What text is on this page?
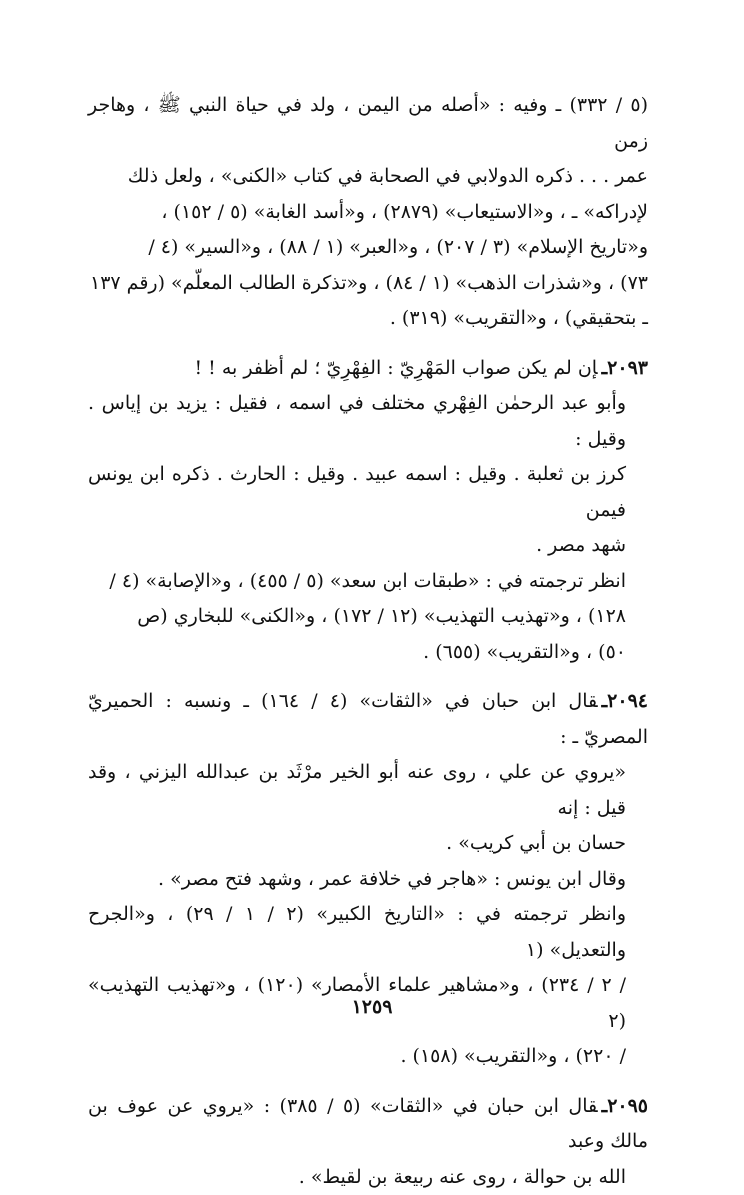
(٥ / ٣٣٢) ـ وفيه : «أصله من اليمن ، ولد في حياة النبي ﷺ ، وهاجر زمن

عمر . . . ذكره الدولابي في الصحابة في كتاب «الكنى» ، ولعل ذلك

لإدراكه» ـ ، و«الاستيعاب» (٢٨٧٩) ، و«أسد الغابة» (٥ / ١٥٢) ،

و«تاريخ الإسلام» (٣ / ٢٠٧) ، و«العبر» (١ / ٨٨) ، و«السير» (٤ /

٧٣) ، و«شذرات الذهب» (١ / ٨٤) ، و«تذكرة الطالب المعلّم» (رقم ١٣٧

ـ بتحقيقي) ، و«التقريب» (٣١٩) .

٢٠٩٣ـإن لم يكن صواب المَهْرِيّ : الفِهْرِيّ ؛ لم أظفر به ! !

وأبو عبد الرحمٰن الفِهْري مختلف في اسمه ، فقيل : يزيد بن إياس . وقيل :

كرز بن ثعلبة . وقيل : اسمه عبيد . وقيل : الحارث . ذكره ابن يونس فيمن

شهد مصر .

انظر ترجمته في : «طبقات ابن سعد» (٥ / ٤٥٥) ، و«الإصابة» (٤ /

١٢٨) ، و«تهذيب التهذيب» (١٢ / ١٧٢) ، و«الكنى» للبخاري (ص

٥٠) ، و«التقريب» (٦٥٥) .

٢٠٩٤ـقال ابن حبان في «الثقات» (٤ / ١٦٤) ـ ونسبه : الحميريّ المصريّ ـ :

«يروي عن علي ، روى عنه أبو الخير مرْثَد بن عبدالله اليزني ، وقد قيل : إنه

حسان بن أبي كريب» .

وقال ابن يونس : «هاجر في خلافة عمر ، وشهد فتح مصر» .

وانظر ترجمته في : «التاريخ الكبير» (٢ / ١ / ٢٩) ، و«الجرح والتعديل» (١

/ ٢ / ٢٣٤) ، و«مشاهير علماء الأمصار» (١٢٠) ، و«تهذيب التهذيب» (٢

/ ٢٢٠) ، و«التقريب» (١٥٨) .

٢٠٩٥ـقال ابن حبان في «الثقات» (٥ / ٣٨٥) : «يروي عن عوف بن مالك وعبد

الله بن حوالة ، روى عنه ربيعة بن لقيط» .

١٢٥٩
